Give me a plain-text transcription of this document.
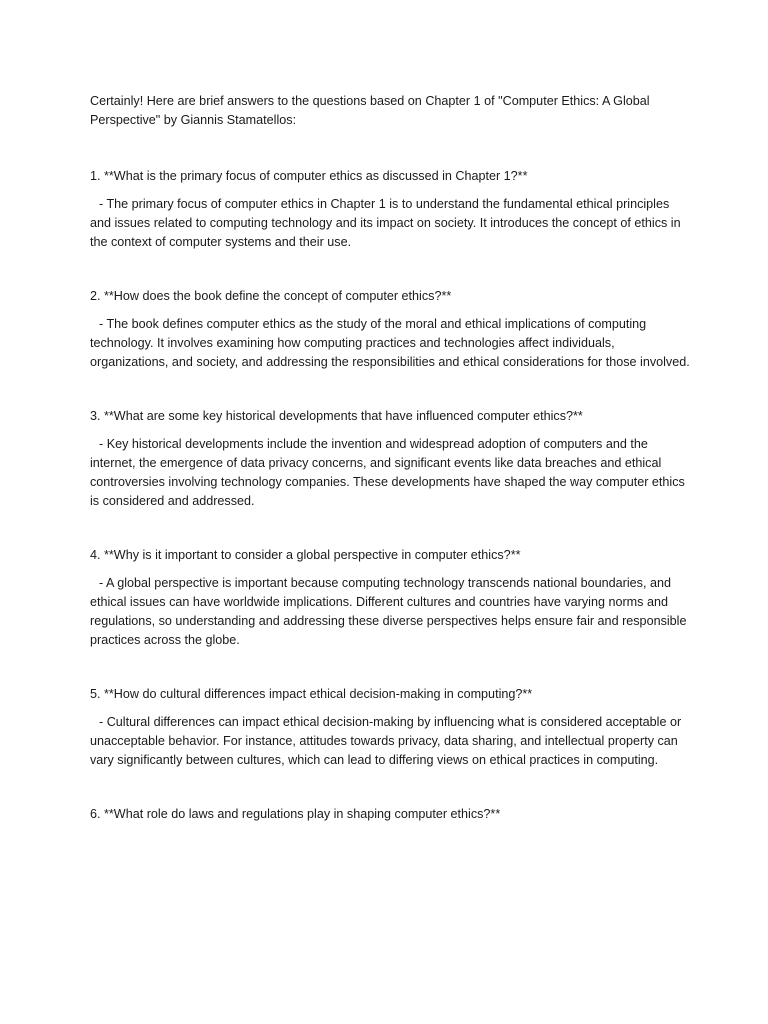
Certainly! Here are brief answers to the questions based on Chapter 1 of "Computer Ethics: A Global Perspective" by Giannis Stamatellos:

1. **What is the primary focus of computer ethics as discussed in Chapter 1?**

- The primary focus of computer ethics in Chapter 1 is to understand the fundamental ethical principles and issues related to computing technology and its impact on society. It introduces the concept of ethics in the context of computer systems and their use.

2. **How does the book define the concept of computer ethics?**

- The book defines computer ethics as the study of the moral and ethical implications of computing technology. It involves examining how computing practices and technologies affect individuals, organizations, and society, and addressing the responsibilities and ethical considerations for those involved.

3. **What are some key historical developments that have influenced computer ethics?**

- Key historical developments include the invention and widespread adoption of computers and the internet, the emergence of data privacy concerns, and significant events like data breaches and ethical controversies involving technology companies. These developments have shaped the way computer ethics is considered and addressed.

4. **Why is it important to consider a global perspective in computer ethics?**

- A global perspective is important because computing technology transcends national boundaries, and ethical issues can have worldwide implications. Different cultures and countries have varying norms and regulations, so understanding and addressing these diverse perspectives helps ensure fair and responsible practices across the globe.

5. **How do cultural differences impact ethical decision-making in computing?**

- Cultural differences can impact ethical decision-making by influencing what is considered acceptable or unacceptable behavior. For instance, attitudes towards privacy, data sharing, and intellectual property can vary significantly between cultures, which can lead to differing views on ethical practices in computing.

6. **What role do laws and regulations play in shaping computer ethics?**
